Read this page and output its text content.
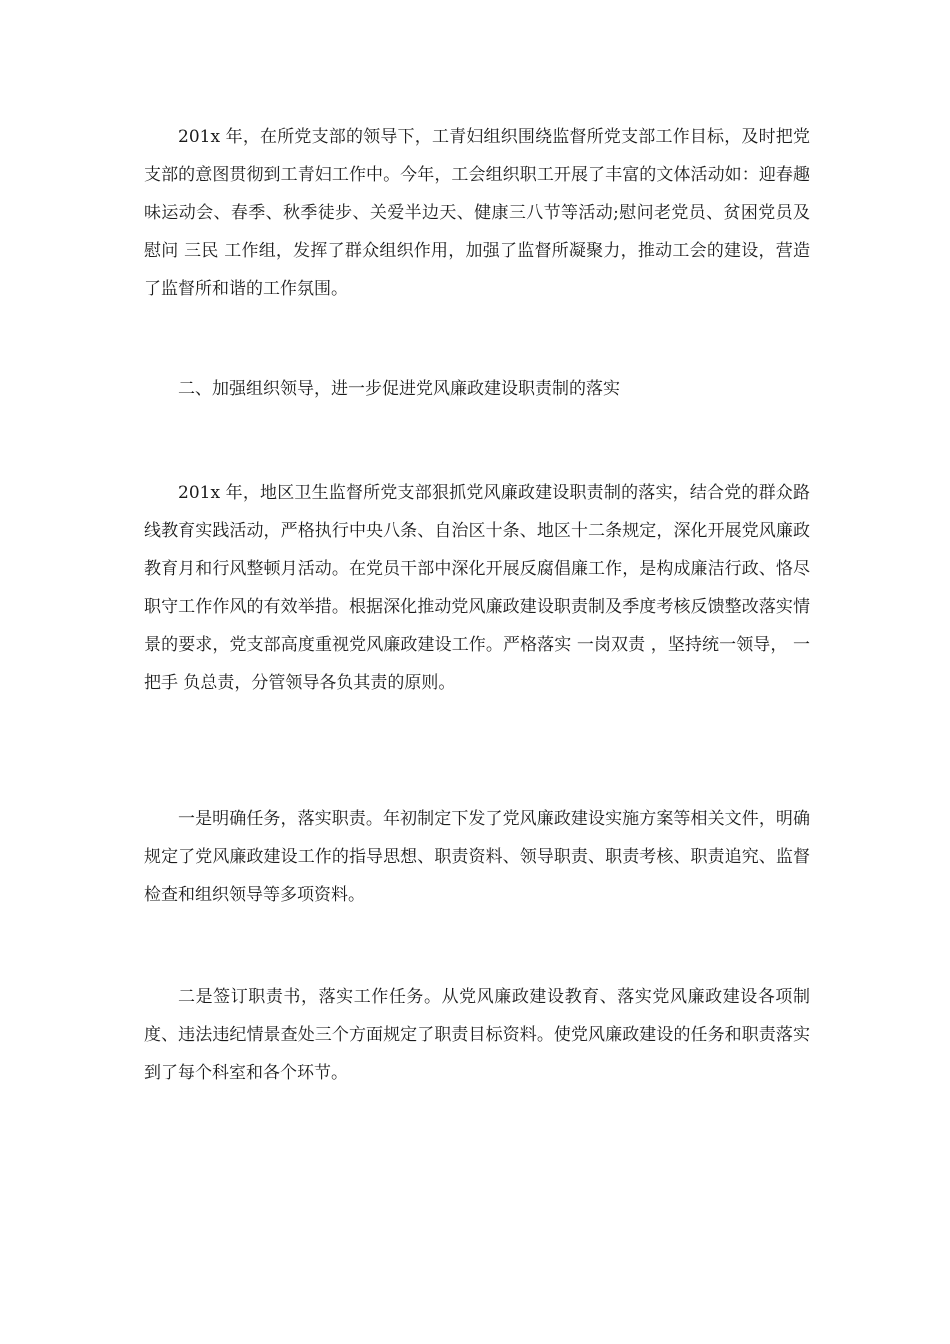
201x 年，在所党支部的领导下，工青妇组织围绕监督所党支部工作目标，及时把党支部的意图贯彻到工青妇工作中。今年，工会组织职工开展了丰富的文体活动如：迎春趣味运动会、春季、秋季徒步、关爱半边天、健康三八节等活动;慰问老党员、贫困党员及慰问 三民 工作组，发挥了群众组织作用，加强了监督所凝聚力，推动工会的建设，营造了监督所和谐的工作氛围。

二、加强组织领导，进一步促进党风廉政建设职责制的落实

201x 年，地区卫生监督所党支部狠抓党风廉政建设职责制的落实，结合党的群众路线教育实践活动，严格执行中央八条、自治区十条、地区十二条规定，深化开展党风廉政教育月和行风整顿月活动。在党员干部中深化开展反腐倡廉工作，是构成廉洁行政、恪尽职守工作作风的有效举措。根据深化推动党风廉政建设职责制及季度考核反馈整改落实情景的要求，党支部高度重视党风廉政建设工作。严格落实 一岗双责 ，坚持统一领导， 一把手 负总责，分管领导各负其责的原则。

一是明确任务，落实职责。年初制定下发了党风廉政建设实施方案等相关文件，明确规定了党风廉政建设工作的指导思想、职责资料、领导职责、职责考核、职责追究、监督检查和组织领导等多项资料。

二是签订职责书，落实工作任务。从党风廉政建设教育、落实党风廉政建设各项制度、违法违纪情景查处三个方面规定了职责目标资料。使党风廉政建设的任务和职责落实到了每个科室和各个环节。
